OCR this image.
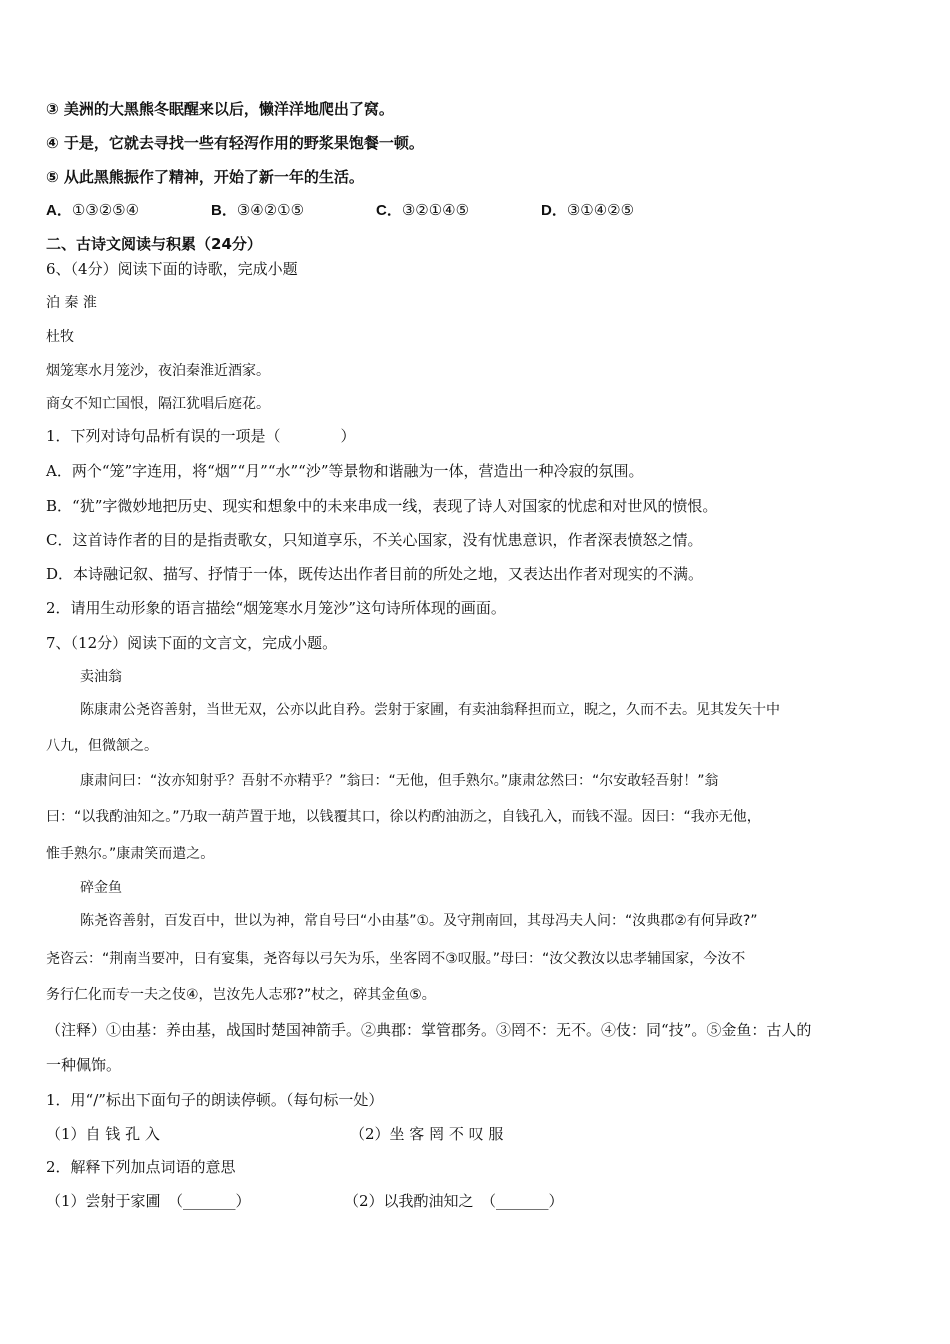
③ 美洲的大黑熊冬眠醒来以后，懒洋洋地爬出了窝。
④ 于是，它就去寻找一些有轻泻作用的野浆果饱餐一顿。
⑤ 从此黑熊振作了精神，开始了新一年的生活。
A．①③②⑤④	B．③④②①⑤	C．③②①④⑤	D．③①④②⑤
二、古诗文阅读与积累（24分）
6、（4分）阅读下面的诗歌，完成小题
泊 秦 淮
杜牧
烟笼寒水月笼沙，夜泊秦淮近酒家。
商女不知亡国恨，隔江犹唱后庭花。
1．下列对诗句品析有误的一项是（　　　　）
A．两个“笼”字连用，将“烟”“月”“水”“沙”等景物和谐融为一体，营造出一种冷寂的氛围。
B．“犹”字微妙地把历史、现实和想象中的未来串成一线，表现了诗人对国家的忧虑和对世风的愤恨。
C．这首诗作者的目的是指责歌女，只知道享乐，不关心国家，没有忧患意识，作者深表愤怒之情。
D．本诗融记叙、描写、抒情于一体，既传达出作者目前的所处之地，又表达出作者对现实的不满。
2．请用生动形象的语言描绘“烟笼寒水月笼沙”这句诗所体现的画面。
7、（12分）阅读下面的文言文，完成小题。
卖油翁
陈康肃公尧咨善射，当世无双，公亦以此自矜。尝射于家圃，有卖油翁释担而立，睨之，久而不去。见其发矢十中
八九，但微颔之。
康肃问曰：“汝亦知射乎？吾射不亦精乎？”翁曰：“无他，但手熟尔。”康肃忿然曰：“尔安敢轻吾射！”翁
曰：“以我酌油知之。”乃取一葫芦置于地，以钱覆其口，徐以杓酌油沥之，自钱孔入，而钱不湿。因曰：“我亦无他，
惟手熟尔。”康肃笑而遣之。
碎金鱼
陈尧咨善射，百发百中，世以为神，常自号曰“小由基”①。及守荆南回，其母冯夫人问：“汝典郡②有何异政?”
尧咨云：“荆南当要冲，日有宴集，尧咨每以弓矢为乐，坐客罔不③叹服。”母曰：“汝父教汝以忠孝辅国家，今汝不
务行仁化而专一夫之伎④，岂汝先人志邪?”杖之，碎其金鱼⑤。
（注释）①由基：养由基，战国时楚国神箭手。②典郡：掌管郡务。③罔不：无不。④伎：同“技”。⑤金鱼：古人的
一种佩饰。
1．用“/”标出下面句子的朗读停顿。（每句标一处）
（1）自 钱 孔 入	（2）坐 客 罔 不 叹 服
2．解释下列加点词语的意思
（1）尝射于家圃　（_______）	（2）以我酌油知之　（_______）
